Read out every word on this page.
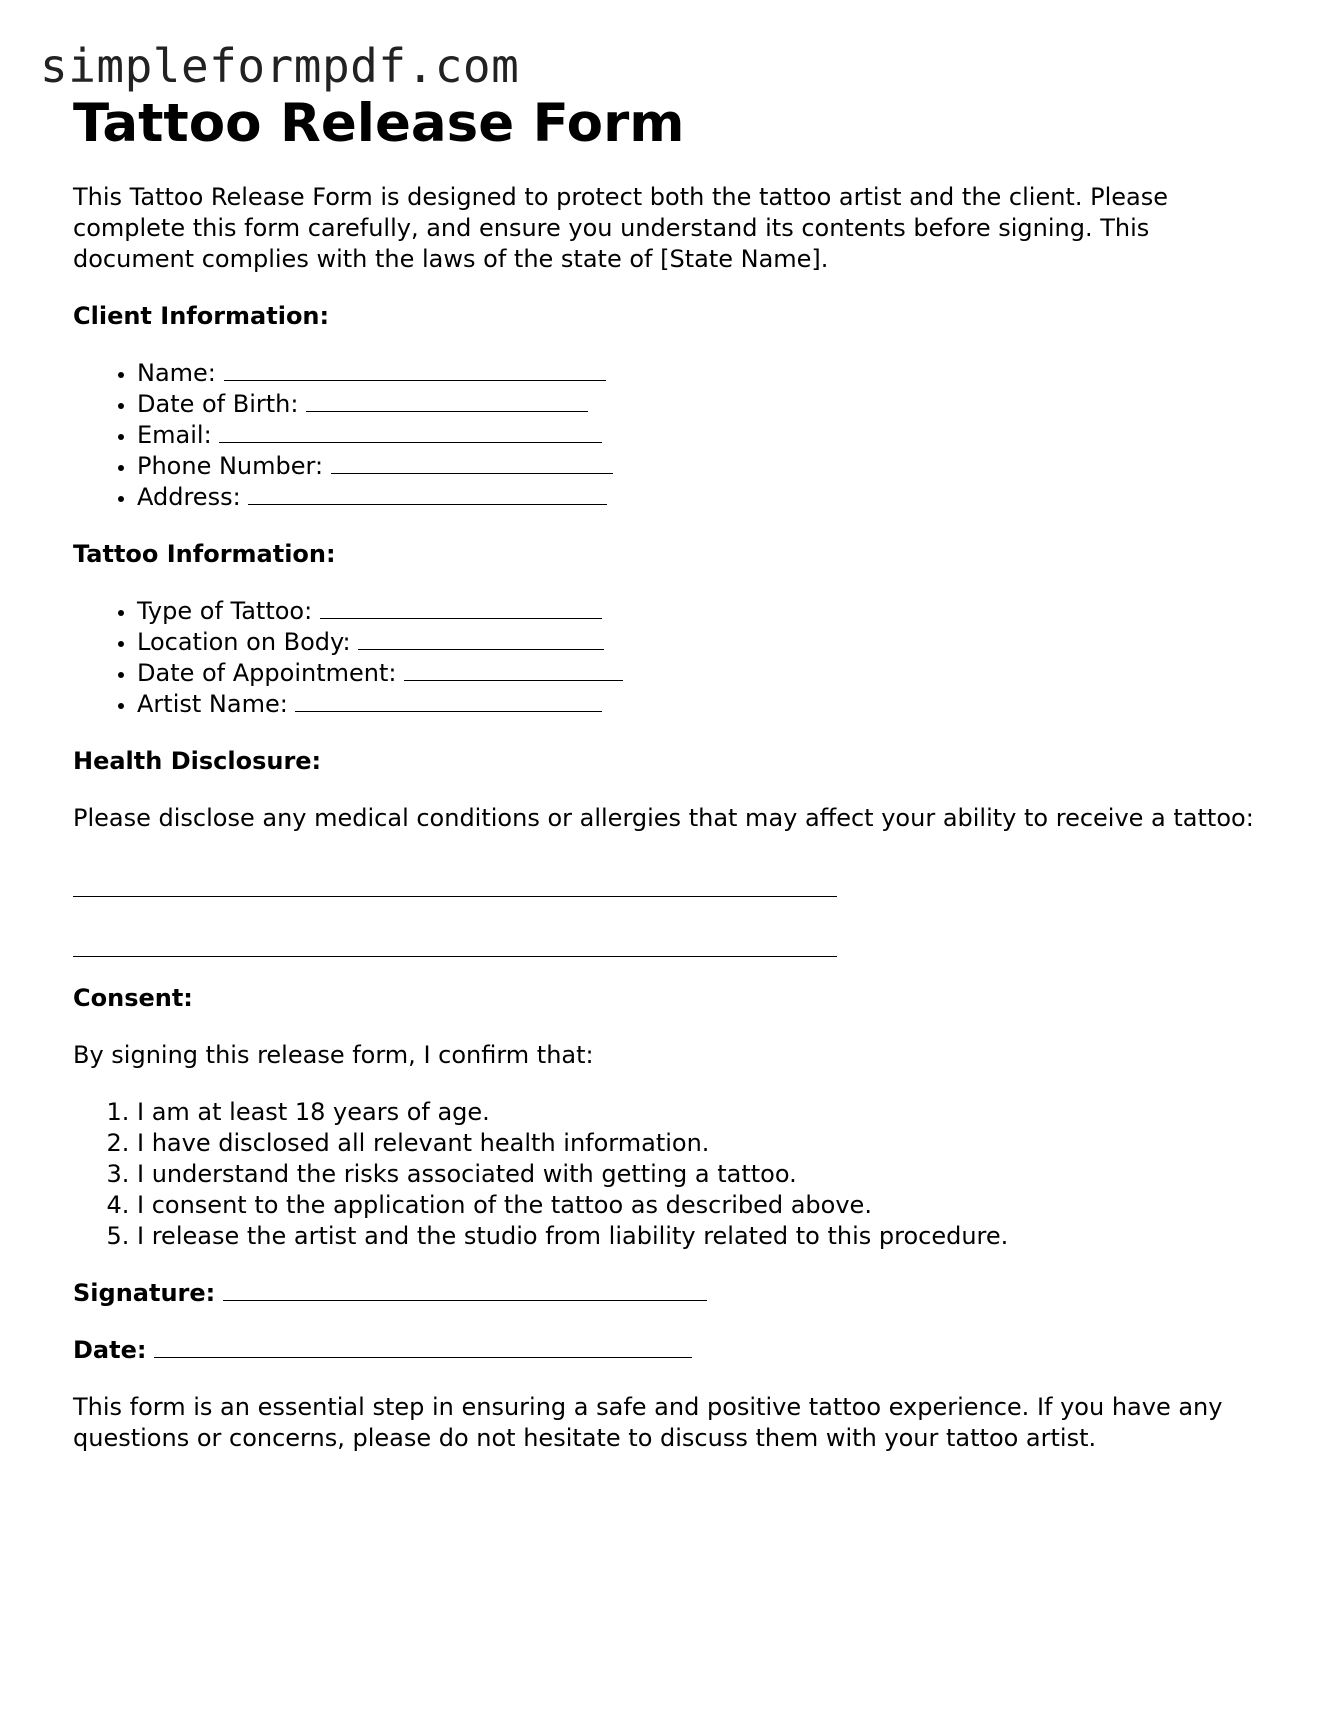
simpleformpdf.com
Tattoo Release Form

This Tattoo Release Form is designed to protect both the tattoo artist and the client. Please complete this form carefully, and ensure you understand its contents before signing. This document complies with the laws of the state of [State Name].

Client Information:
• Name:
• Date of Birth:
• Email:
• Phone Number:
• Address:
Tattoo Information:
• Type of Tattoo:
• Location on Body:
• Date of Appointment:
• Artist Name:
Health Disclosure:

Please disclose any medical conditions or allergies that may affect your ability to receive a tattoo:

Consent:

By signing this release form, I confirm that:

1. I am at least 18 years of age.
2. I have disclosed all relevant health information.
3. I understand the risks associated with getting a tattoo.
4. I consent to the application of the tattoo as described above.
5. I release the artist and the studio from liability related to this procedure.
Signature:
Date:

This form is an essential step in ensuring a safe and positive tattoo experience. If you have any questions or concerns, please do not hesitate to discuss them with your tattoo artist.
